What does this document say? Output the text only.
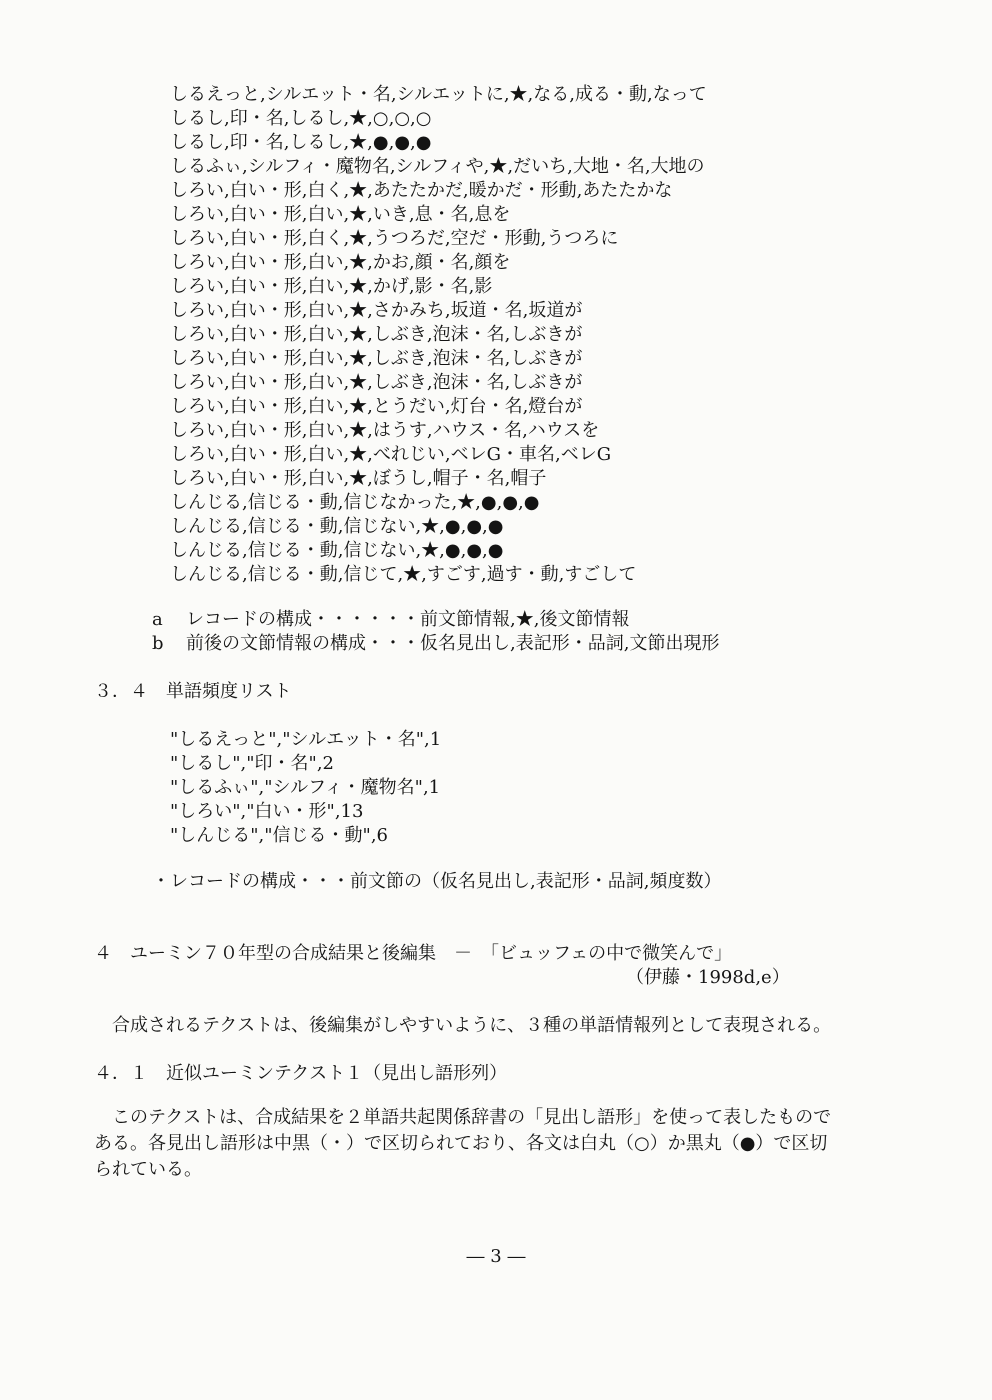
しるえっと,シルエット・名,シルエットに,★,なる,成る・動,なって
しるし,印・名,しるし,★,○,○,○
しるし,印・名,しるし,★,●,●,●
しるふぃ,シルフィ・魔物名,シルフィや,★,だいち,大地・名,大地の
しろい,白い・形,白く,★,あたたかだ,暖かだ・形動,あたたかな
しろい,白い・形,白い,★,いき,息・名,息を
しろい,白い・形,白く,★,うつろだ,空だ・形動,うつろに
しろい,白い・形,白い,★,かお,顔・名,顔を
しろい,白い・形,白い,★,かげ,影・名,影
しろい,白い・形,白い,★,さかみち,坂道・名,坂道が
しろい,白い・形,白い,★,しぶき,泡沫・名,しぶきが
しろい,白い・形,白い,★,しぶき,泡沫・名,しぶきが
しろい,白い・形,白い,★,しぶき,泡沫・名,しぶきが
しろい,白い・形,白い,★,とうだい,灯台・名,燈台が
しろい,白い・形,白い,★,はうす,ハウス・名,ハウスを
しろい,白い・形,白い,★,べれじい,ベレG・車名,ベレG
しろい,白い・形,白い,★,ぼうし,帽子・名,帽子
しんじる,信じる・動,信じなかった,★,●,●,●
しんじる,信じる・動,信じない,★,●,●,●
しんじる,信じる・動,信じない,★,●,●,●
しんじる,信じる・動,信じて,★,すごす,過す・動,すごして
a レコードの構成・・・・・・前文節情報,★,後文節情報
b 前後の文節情報の構成・・・仮名見出し,表記形・品詞,文節出現形
３．４　単語頻度リスト
"しるえっと","シルエット・名",1
"しるし","印・名",2
"しるふぃ","シルフィ・魔物名",1
"しろい","白い・形",13
"しんじる","信じる・動",6
・レコードの構成・・・前文節の（仮名見出し,表記形・品詞,頻度数）
４　ユーミン７０年型の合成結果と後編集　－　「ビュッフェの中で微笑んで」
（伊藤・1998d,e）
合成されるテクストは、後編集がしやすいように、３種の単語情報列として表現される。
４．１　近似ユーミンテクスト１（見出し語形列）
このテクストは、合成結果を２単語共起関係辞書の「見出し語形」を使って表したもので
ある。各見出し語形は中黒（・）で区切られており、各文は白丸（○）か黒丸（●）で区切
られている。
― 3 ―
